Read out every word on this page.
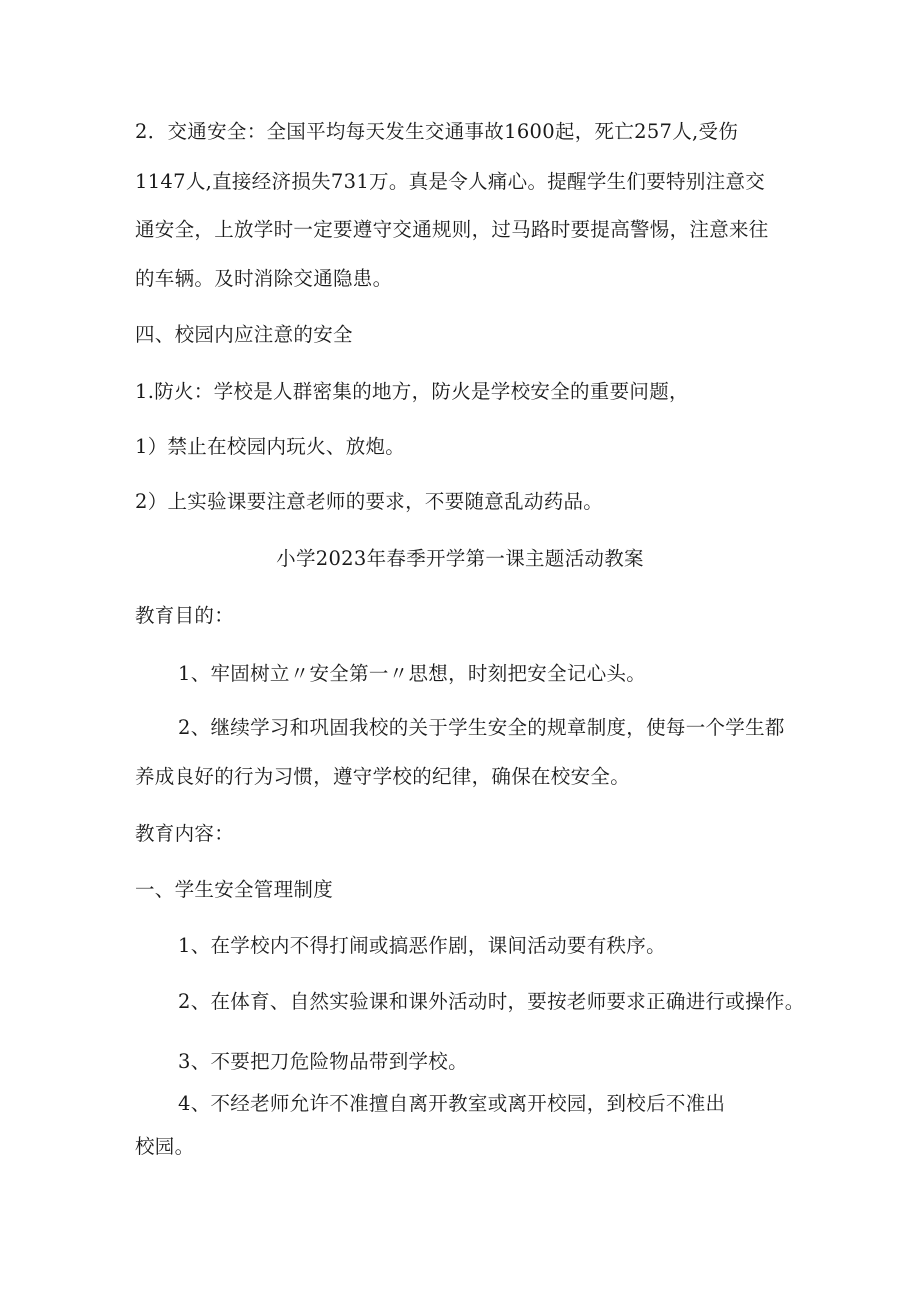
2．交通安全：全国平均每天发生交通事故1600起，死亡257人,受伤
1147人,直接经济损失731万。真是令人痛心。提醒学生们要特别注意交
通安全，上放学时一定要遵守交通规则，过马路时要提高警惕，注意来往
的车辆。及时消除交通隐患。
四、校园内应注意的安全
1.防火：学校是人群密集的地方，防火是学校安全的重要问题，
1）禁止在校园内玩火、放炮。
2）上实验课要注意老师的要求，不要随意乱动药品。
小学2023年春季开学第一课主题活动教案
教育目的：
1、牢固树立〃安全第一〃思想，时刻把安全记心头。
2、继续学习和巩固我校的关于学生安全的规章制度，使每一个学生都
养成良好的行为习惯，遵守学校的纪律，确保在校安全。
教育内容：
一、学生安全管理制度
1、在学校内不得打闹或搞恶作剧，课间活动要有秩序。
2、在体育、自然实验课和课外活动时，要按老师要求正确进行或操作。
3、不要把刀危险物品带到学校。
4、不经老师允许不准擅自离开教室或离开校园，到校后不准出
校园。
